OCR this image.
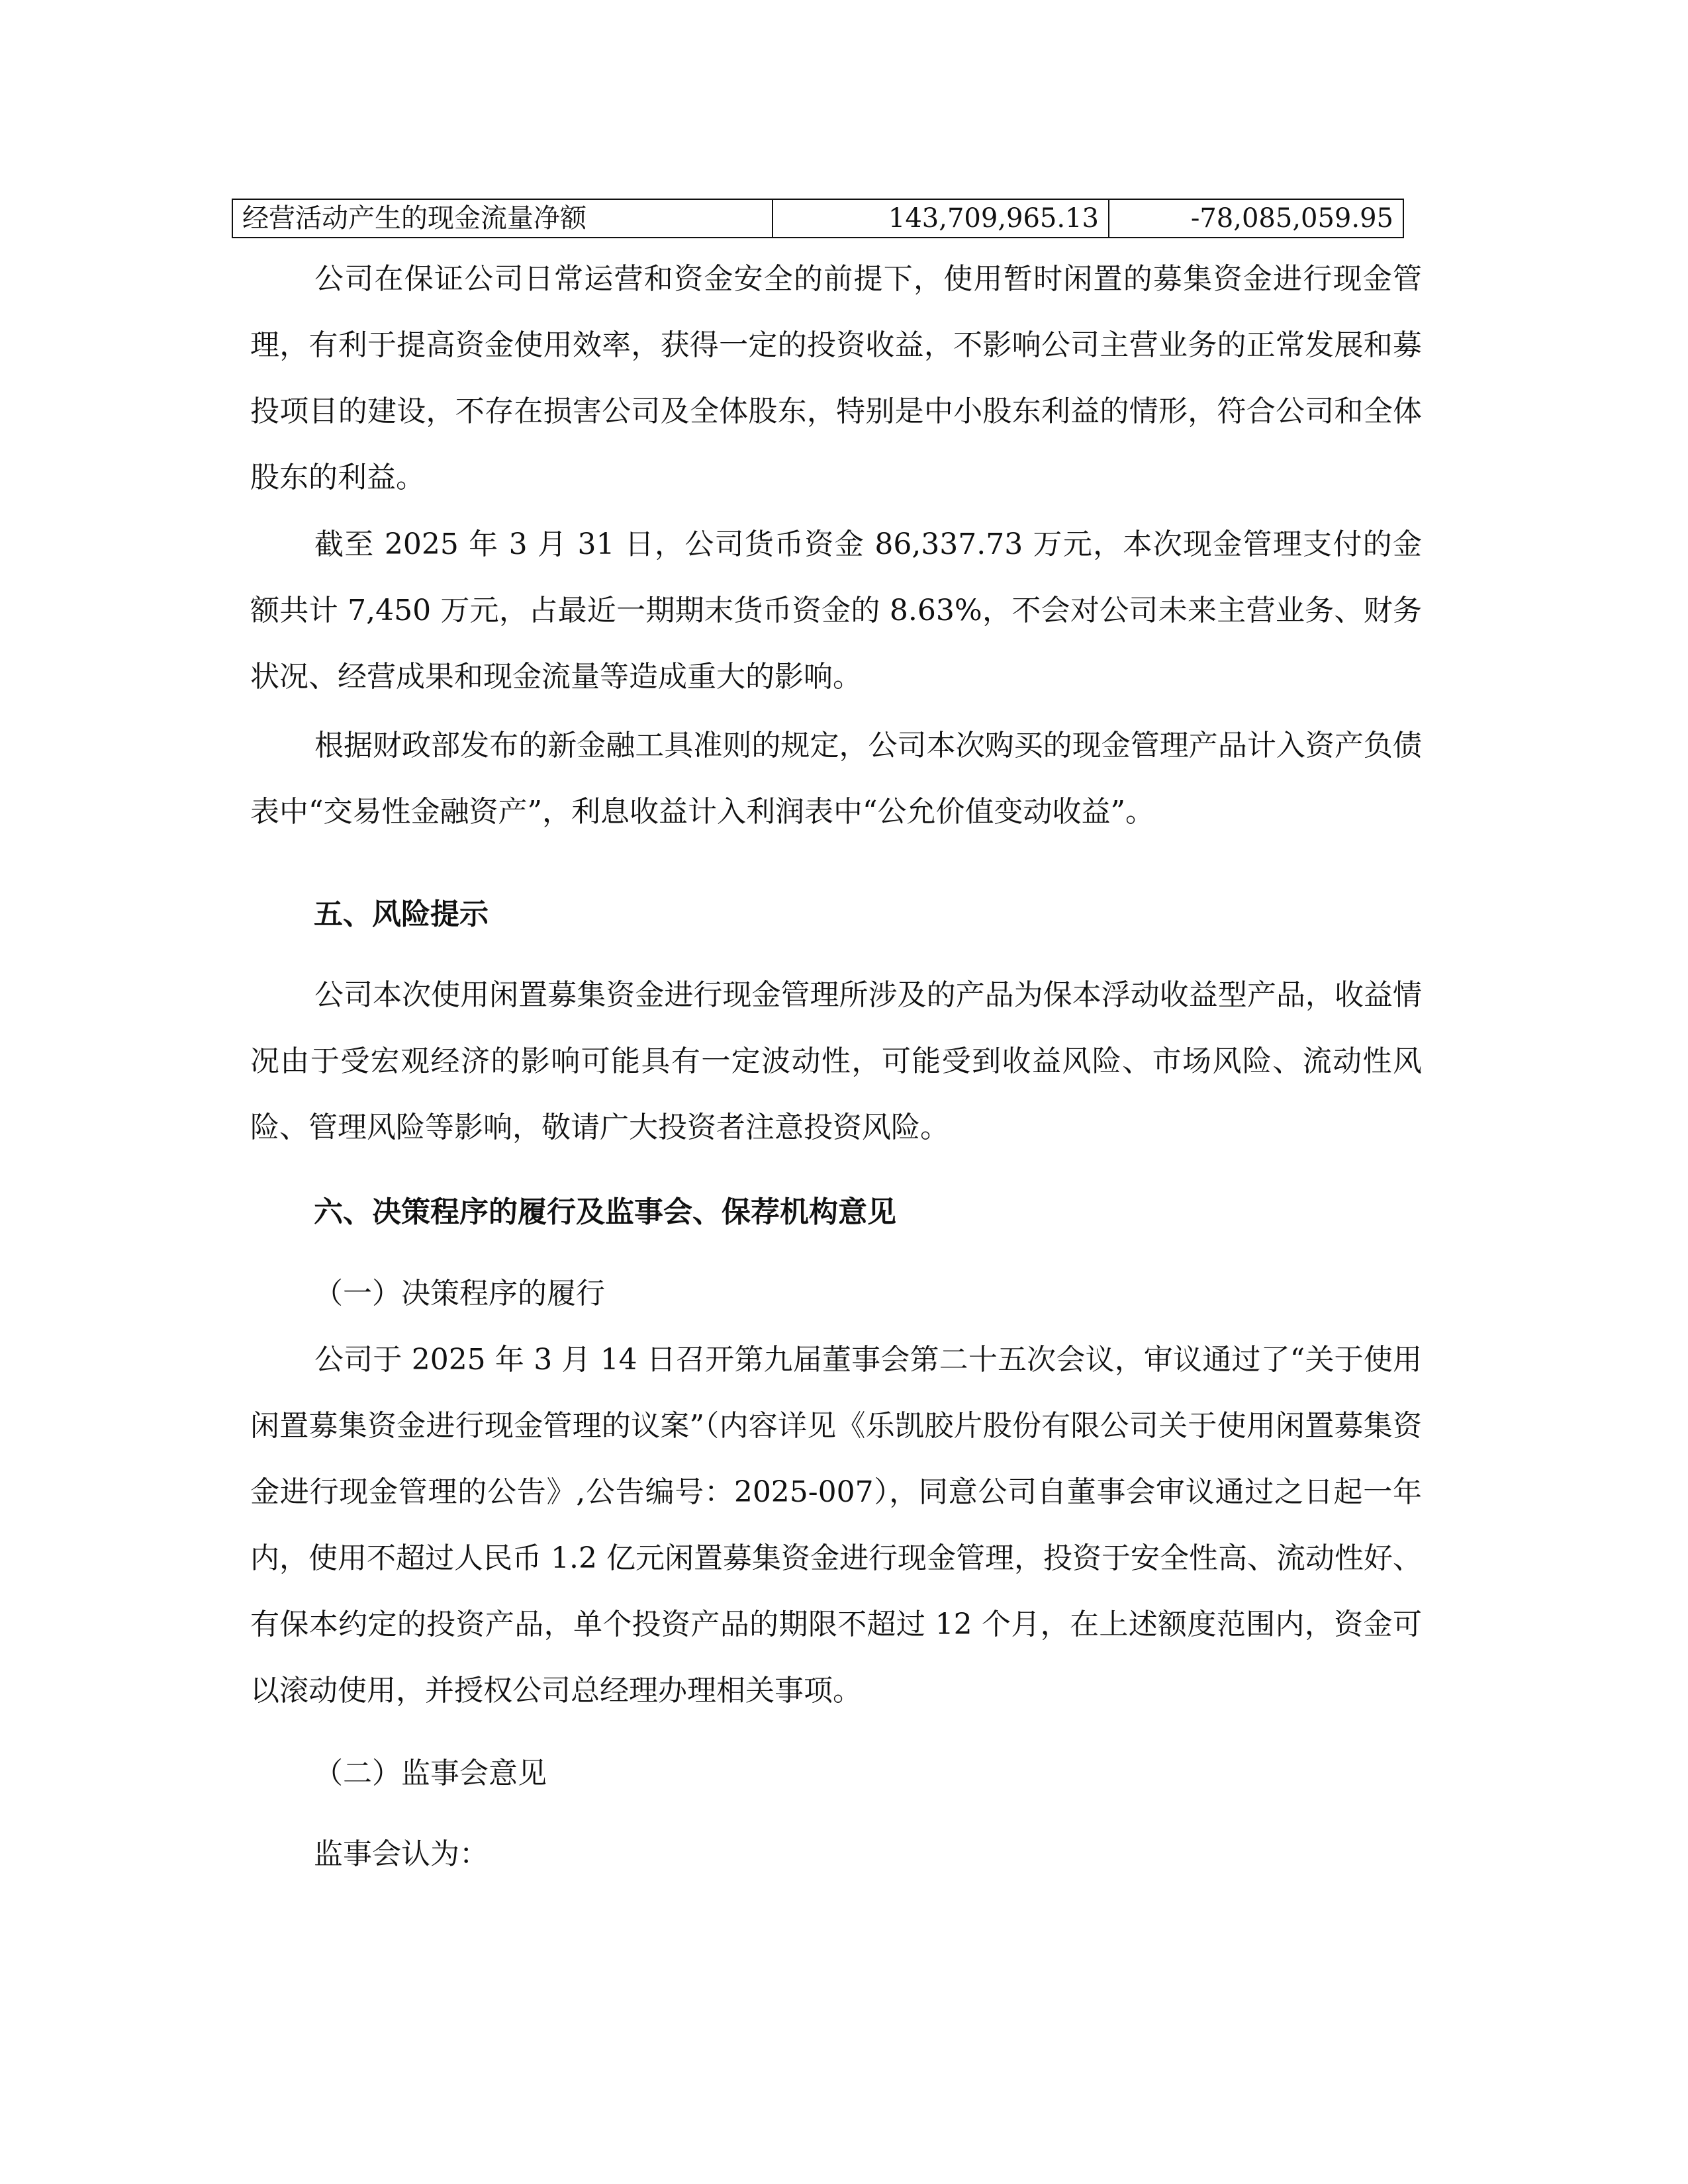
经营活动产生的现金流量净额	143,709,965.13	-78,085,059.95

公司在保证公司日常运营和资金安全的前提下，使用暂时闲置的募集资金进行现金管理，有利于提高资金使用效率，获得一定的投资收益，不影响公司主营业务的正常发展和募投项目的建设，不存在损害公司及全体股东，特别是中小股东利益的情形，符合公司和全体股东的利益。

截至 2025 年 3 月 31 日，公司货币资金 86,337.73 万元，本次现金管理支付的金额共计 7,450 万元，占最近一期期末货币资金的 8.63%，不会对公司未来主营业务、财务状况、经营成果和现金流量等造成重大的影响。

根据财政部发布的新金融工具准则的规定，公司本次购买的现金管理产品计入资产负债表中“交易性金融资产”，利息收益计入利润表中“公允价值变动收益”。

五、风险提示

公司本次使用闲置募集资金进行现金管理所涉及的产品为保本浮动收益型产品，收益情况由于受宏观经济的影响可能具有一定波动性，可能受到收益风险、市场风险、流动性风险、管理风险等影响，敬请广大投资者注意投资风险。

六、决策程序的履行及监事会、保荐机构意见

（一）决策程序的履行

公司于 2025 年 3 月 14 日召开第九届董事会第二十五次会议，审议通过了“关于使用闲置募集资金进行现金管理的议案”（内容详见《乐凯胶片股份有限公司关于使用闲置募集资金进行现金管理的公告》,公告编号：2025-007），同意公司自董事会审议通过之日起一年内，使用不超过人民币 1.2 亿元闲置募集资金进行现金管理，投资于安全性高、流动性好、有保本约定的投资产品，单个投资产品的期限不超过 12 个月，在上述额度范围内，资金可以滚动使用，并授权公司总经理办理相关事项。

（二）监事会意见

监事会认为：
